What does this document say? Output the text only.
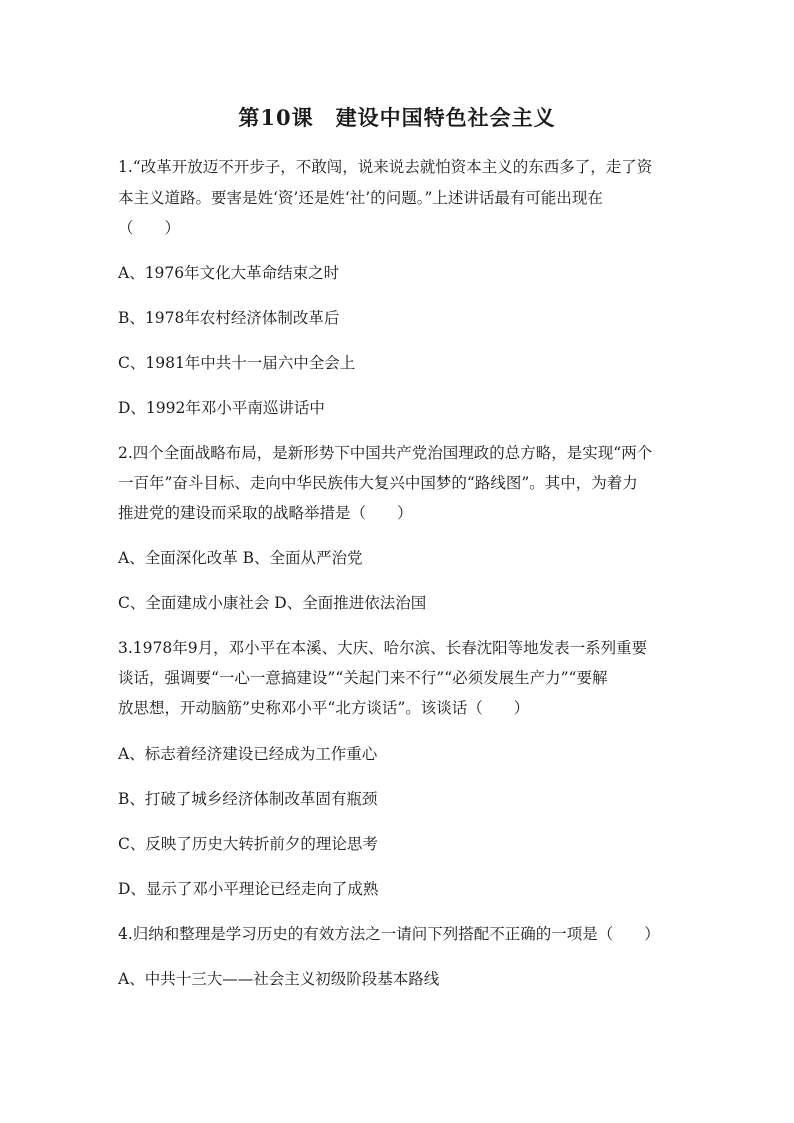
第10课　建设中国特色社会主义
1.“改革开放迈不开步子，不敢闯，说来说去就怕资本主义的东西多了，走了资
本主义道路。要害是姓‘资’还是姓‘社’的问题。”上述讲话最有可能出现在
（　　）
A、1976年文化大革命结束之时
B、1978年农村经济体制改革后
C、1981年中共十一届六中全会上
D、1992年邓小平南巡讲话中
2.四个全面战略布局，是新形势下中国共产党治国理政的总方略，是实现“两个
一百年”奋斗目标、走向中华民族伟大复兴中国梦的“路线图”。其中，为着力
推进党的建设而采取的战略举措是（　　）
A、全面深化改革 B、全面从严治党
C、全面建成小康社会 D、全面推进依法治国
3.1978年9月，邓小平在本溪、大庆、哈尔滨、长春沈阳等地发表一系列重要
谈话，强调要“一心一意搞建设”“关起门来不行”“必须发展生产力”“要解
放思想，开动脑筋”史称邓小平“北方谈话”。该谈话（　　）
A、标志着经济建设已经成为工作重心
B、打破了城乡经济体制改革固有瓶颈
C、反映了历史大转折前夕的理论思考
D、显示了邓小平理论已经走向了成熟
4.归纳和整理是学习历史的有效方法之一请问下列搭配不正确的一项是（　　）
A、中共十三大——社会主义初级阶段基本路线
